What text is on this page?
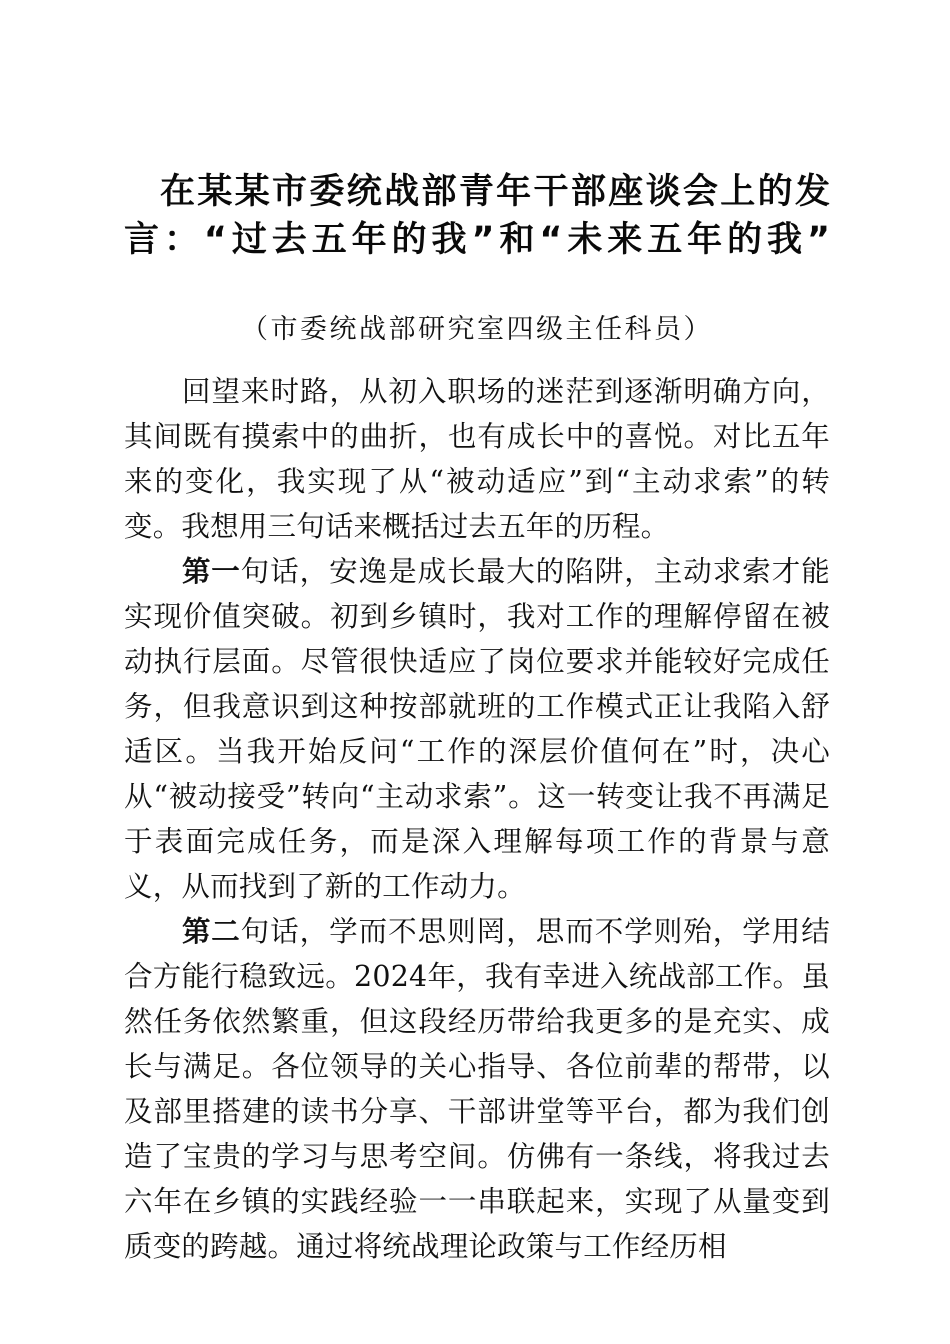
在某某市委统战部青年干部座谈会上的发言：“过去五年的我”和“未来五年的我”
（市委统战部研究室四级主任科员）

回望来时路，从初入职场的迷茫到逐渐明确方向，其间既有摸索中的曲折，也有成长中的喜悦。对比五年来的变化，我实现了从“被动适应”到“主动求索”的转变。我想用三句话来概括过去五年的历程。

第一句话，安逸是成长最大的陷阱，主动求索才能实现价值突破。初到乡镇时，我对工作的理解停留在被动执行层面。尽管很快适应了岗位要求并能较好完成任务，但我意识到这种按部就班的工作模式正让我陷入舒适区。当我开始反问“工作的深层价值何在”时，决心从“被动接受”转向“主动求索”。这一转变让我不再满足于表面完成任务，而是深入理解每项工作的背景与意义，从而找到了新的工作动力。

第二句话，学而不思则罔，思而不学则殆，学用结合方能行稳致远。2024年，我有幸进入统战部工作。虽然任务依然繁重，但这段经历带给我更多的是充实、成长与满足。各位领导的关心指导、各位前辈的帮带，以及部里搭建的读书分享、干部讲堂等平台，都为我们创造了宝贵的学习与思考空间。仿佛有一条线，将我过去六年在乡镇的实践经验一一串联起来，实现了从量变到质变的跨越。通过将统战理论政策与工作经历相
